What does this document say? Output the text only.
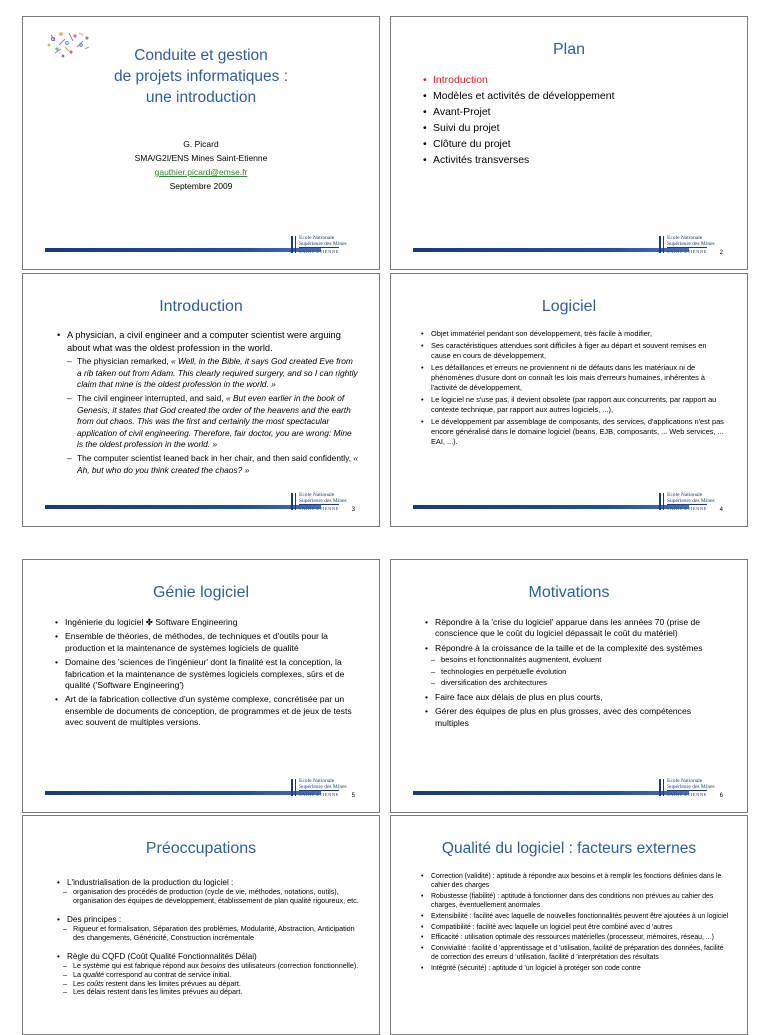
Conduite et gestion
de projets informatiques :
une introduction
G. Picard
SMA/G2I/ENS Mines Saint-Etienne
gauthier.picard@emse.fr
Septembre 2009
Ecole Nationale
Supérieure des Mines
SAINT-ETIENNE
Plan
• Introduction
• Modèles et activités de développement
• Avant-Projet
• Suivi du projet
• Clôture du projet
• Activités transverses
Ecole Nationale
Supérieure des Mines
SAINT-ETIENNE 2
Introduction
• A physician, a civil engineer and a computer scientist were arguing about what was the oldest profession in the world.
– The physician remarked, « Well, in the Bible, it says God created Eve from a rib taken out from Adam. This clearly required surgery, and so I can rightly claim that mine is the oldest profession in the world. »
– The civil engineer interrupted, and said, « But even earlier in the book of Genesis, it states that God created the order of the heavens and the earth from out chaos. This was the first and certainly the most spectacular application of civil engineering. Therefore, fair doctor, you are wrong: Mine is the oldest profession in the world. »
– The computer scientist leaned back in her chair, and then said confidently, « Ah, but who do you think created the chaos? »
Ecole Nationale
Supérieure des Mines
SAINT-ETIENNE 3
Logiciel
• Objet immatériel pendant son développement, très facile à modifier,
• Ses caractéristiques attendues sont difficiles à figer au départ et souvent remises en cause en cours de développement,
• Les défaillances et erreurs ne proviennent ni de défauts dans les matériaux ni de phénomènes d'usure dont on connaît les lois mais d'erreurs humaines, inhérentes à l'activité de développement,
• Le logiciel ne s'use pas, il devient obsolète (par rapport aux concurrents, par rapport au contexte technique, par rapport aux autres logiciels, ...),
• Le développement par assemblage de composants, des services, d'applications n'est pas encore généralisé dans le domaine logiciel (beans, EJB, composants, ... Web services, ... EAI, ...).
Ecole Nationale
Supérieure des Mines
SAINT-ETIENNE 4
Génie logiciel
• Ingénierie du logiciel ✤ Software Engineering
• Ensemble de théories, de méthodes, de techniques et d'outils pour la production et la maintenance de systèmes logiciels de qualité
• Domaine des 'sciences de l'ingénieur' dont la finalité est la conception, la fabrication et la maintenance de systèmes logiciels complexes, sûrs et de qualité ('Software Engineering')
• Art de la fabrication collective d'un système complexe, concrétisée par un ensemble de documents de conception, de programmes et de jeux de tests avec souvent de multiples versions.
Ecole Nationale
Supérieure des Mines
SAINT-ETIENNE 5
Motivations
• Répondre à la 'crise du logiciel' apparue dans les années 70 (prise de conscience que le coût du logiciel dépassait le coût du matériel)
• Répondre à la croissance de la taille et de la complexité des systèmes
– besoins et fonctionnalités augmentent, évoluent
– technologies en perpétuelle évolution
– diversification des architectures
• Faire face aux délais de plus en plus courts,
• Gérer des équipes de plus en plus grosses, avec des compétences multiples
Ecole Nationale
Supérieure des Mines
SAINT-ETIENNE 6
Préoccupations
• L'industrialisation de la production du logiciel :
– organisation des procédés de production (cycle de vie, méthodes, notations, outils), organisation des équipes de développement, établissement de plan qualité rigoureux, etc.
• Des principes :
– Rigueur et formalisation, Séparation des problèmes, Modularité, Abstraction, Anticipation des changements, Généricité, Construction incrémentale
• Règle du CQFD (Coût Qualité Fonctionnalités Délai)
– Le système qui est fabriqué répond aux besoins des utilisateurs (correction fonctionnelle).
– La qualité correspond au contrat de service initial.
– Les coûts restent dans les limites prévues au départ.
– Les délais restent dans les limites prévues au départ.
Qualité du logiciel : facteurs externes
• Correction (validité) : aptitude à répondre aux besoins et à remplir les fonctions définies dans le cahier des charges
• Robustesse (fiabilité) : aptitude à fonctionner dans des conditions non prévues au cahier des charges, éventuellement anormales
• Extensibilité : facilité avec laquelle de nouvelles fonctionnalités peuvent être ajoutées à un logiciel
• Compatibilité : facilité avec laquelle un logiciel peut être combiné avec d 'autres
• Efficacité : utilisation optimale des ressources matérielles (processeur, mémoires, réseau, ...)
• Convivialité : facilité d 'apprentissage et d 'utilisation, facilité de préparation des données, facilité de correction des erreurs d 'utilisation, facilité d 'interprétation des résultats
• Intégrité (sécurité) : aptitude d 'un logiciel à protéger son code contre
